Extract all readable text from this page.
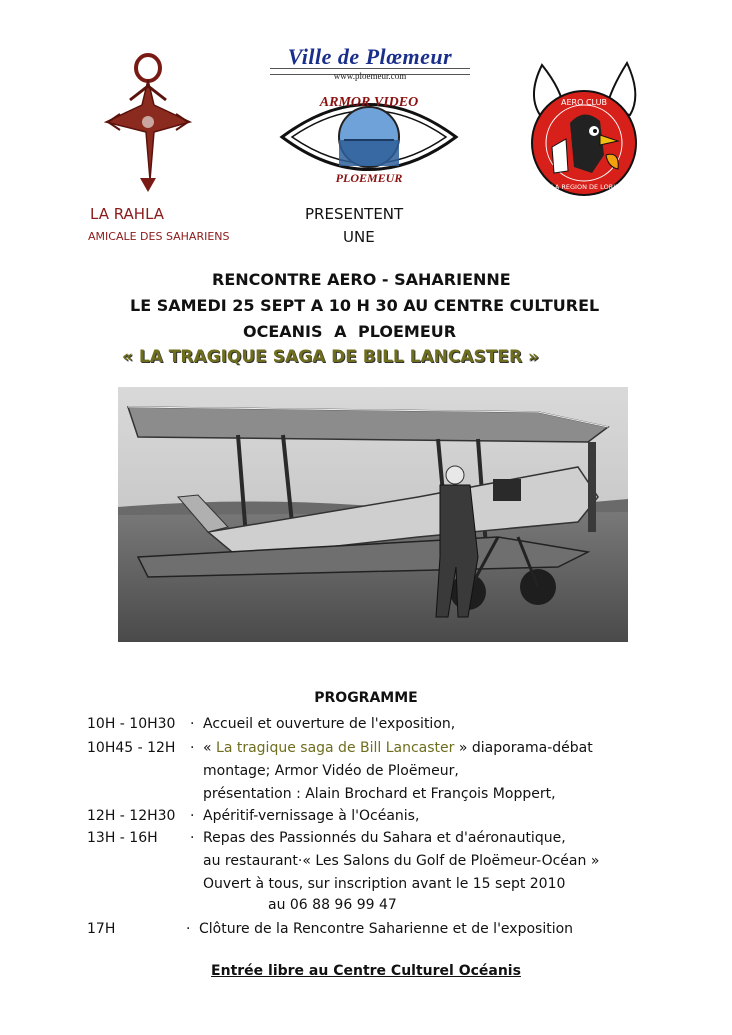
Ville de Plœmeur
www.ploemeur.com
ARMOR VIDEO
PLOEMEUR
AERO CLUB
DE LA REGION DE LORIENT
LA RAHLA
AMICALE DES SAHARIENS
PRESENTENT
UNE
RENCONTRE AERO - SAHARIENNE
LE SAMEDI 25 SEPT A 10 H 30 AU CENTRE CULTUREL
OCEANIS A PLOEMEUR
« LA TRAGIQUE SAGA DE BILL LANCASTER »
PROGRAMME
10H - 10H30 · Accueil et ouverture de l'exposition,
10H45 - 12H · « La tragique saga de Bill Lancaster » diaporama-débat
montage; Armor Vidéo de Ploëmeur,
présentation : Alain Brochard et François Moppert,
12H - 12H30 · Apéritif-vernissage à l'Océanis,
13H - 16H · Repas des Passionnés du Sahara et d'aéronautique,
au restaurant·« Les Salons du Golf de Ploëmeur-Océan »
Ouvert à tous, sur inscription avant le 15 sept 2010
au 06 88 96 99 47
17H	· Clôture de la Rencontre Saharienne et de l'exposition
Entrée libre au Centre Culturel Océanis
